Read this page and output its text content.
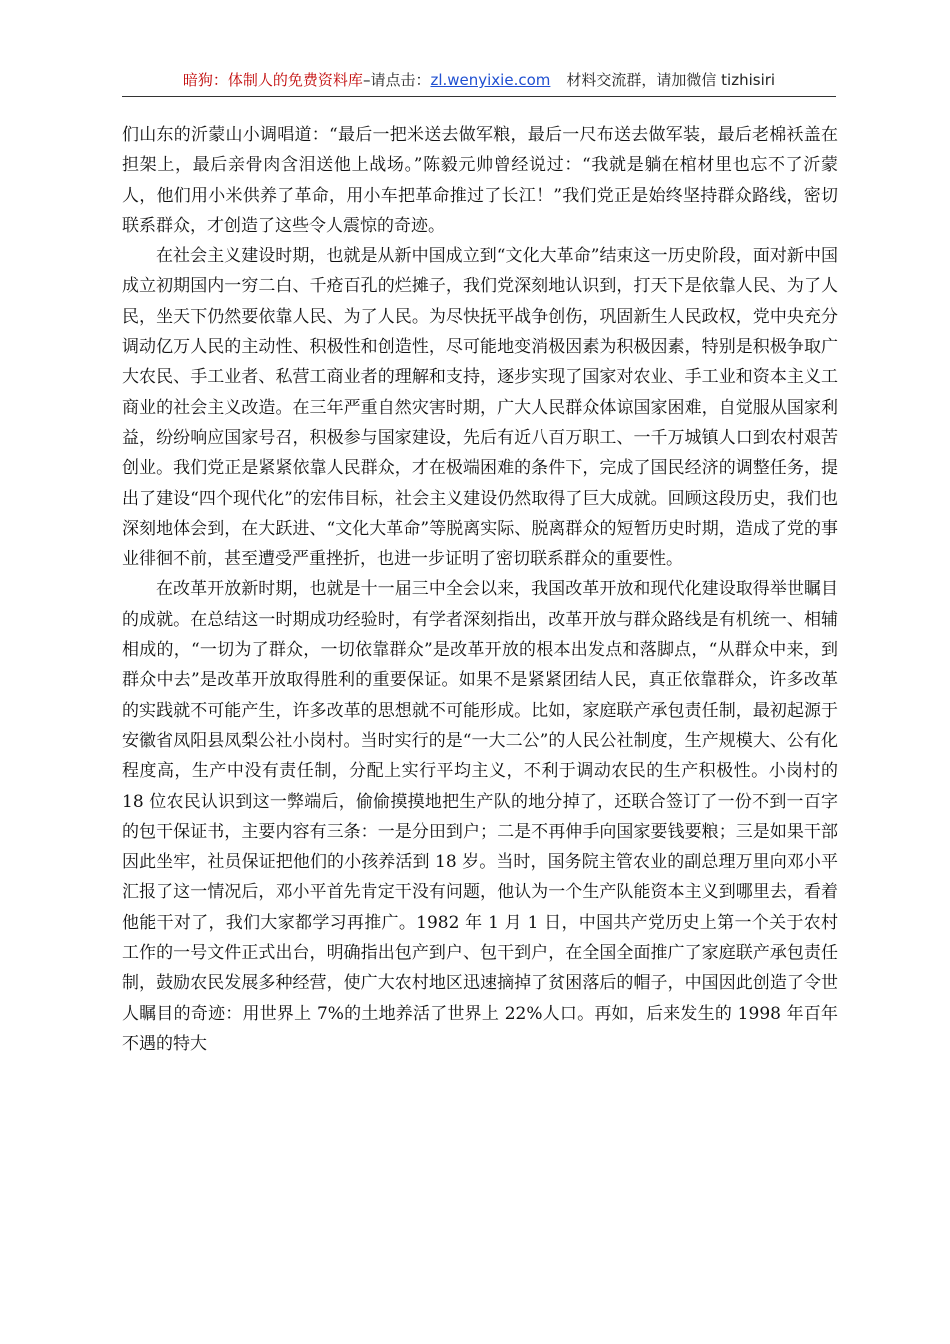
暗狗：体制人的免费资料库–请点击：zl.wenyixie.com 材料交流群，请加微信 tizhisiri

们山东的沂蒙山小调唱道：“最后一把米送去做军粮，最后一尺布送去做军装，最后老棉袄盖在担架上，最后亲骨肉含泪送他上战场。”陈毅元帅曾经说过：“我就是躺在棺材里也忘不了沂蒙人，他们用小米供养了革命，用小车把革命推过了长江！”我们党正是始终坚持群众路线，密切联系群众，才创造了这些令人震惊的奇迹。

在社会主义建设时期，也就是从新中国成立到“文化大革命”结束这一历史阶段，面对新中国成立初期国内一穷二白、千疮百孔的烂摊子，我们党深刻地认识到，打天下是依靠人民、为了人民，坐天下仍然要依靠人民、为了人民。为尽快抚平战争创伤，巩固新生人民政权，党中央充分调动亿万人民的主动性、积极性和创造性，尽可能地变消极因素为积极因素，特别是积极争取广大农民、手工业者、私营工商业者的理解和支持，逐步实现了国家对农业、手工业和资本主义工商业的社会主义改造。在三年严重自然灾害时期，广大人民群众体谅国家困难，自觉服从国家利益，纷纷响应国家号召，积极参与国家建设，先后有近八百万职工、一千万城镇人口到农村艰苦创业。我们党正是紧紧依靠人民群众，才在极端困难的条件下，完成了国民经济的调整任务，提出了建设“四个现代化”的宏伟目标，社会主义建设仍然取得了巨大成就。回顾这段历史，我们也深刻地体会到，在大跃进、“文化大革命”等脱离实际、脱离群众的短暂历史时期，造成了党的事业徘徊不前，甚至遭受严重挫折，也进一步证明了密切联系群众的重要性。

在改革开放新时期，也就是十一届三中全会以来，我国改革开放和现代化建设取得举世瞩目的成就。在总结这一时期成功经验时，有学者深刻指出，改革开放与群众路线是有机统一、相辅相成的，“一切为了群众，一切依靠群众”是改革开放的根本出发点和落脚点，“从群众中来，到群众中去”是改革开放取得胜利的重要保证。如果不是紧紧团结人民，真正依靠群众，许多改革的实践就不可能产生，许多改革的思想就不可能形成。比如，家庭联产承包责任制，最初起源于安徽省凤阳县凤梨公社小岗村。当时实行的是“一大二公”的人民公社制度，生产规模大、公有化程度高，生产中没有责任制，分配上实行平均主义，不利于调动农民的生产积极性。小岗村的 18 位农民认识到这一弊端后，偷偷摸摸地把生产队的地分掉了，还联合签订了一份不到一百字的包干保证书，主要内容有三条：一是分田到户；二是不再伸手向国家要钱要粮；三是如果干部因此坐牢，社员保证把他们的小孩养活到 18 岁。当时，国务院主管农业的副总理万里向邓小平汇报了这一情况后，邓小平首先肯定干没有问题，他认为一个生产队能资本主义到哪里去，看着他能干对了，我们大家都学习再推广。1982 年 1 月 1 日，中国共产党历史上第一个关于农村工作的一号文件正式出台，明确指出包产到户、包干到户，在全国全面推广了家庭联产承包责任制，鼓励农民发展多种经营，使广大农村地区迅速摘掉了贫困落后的帽子，中国因此创造了令世人瞩目的奇迹：用世界上 7%的土地养活了世界上 22%人口。再如，后来发生的 1998 年百年不遇的特大
